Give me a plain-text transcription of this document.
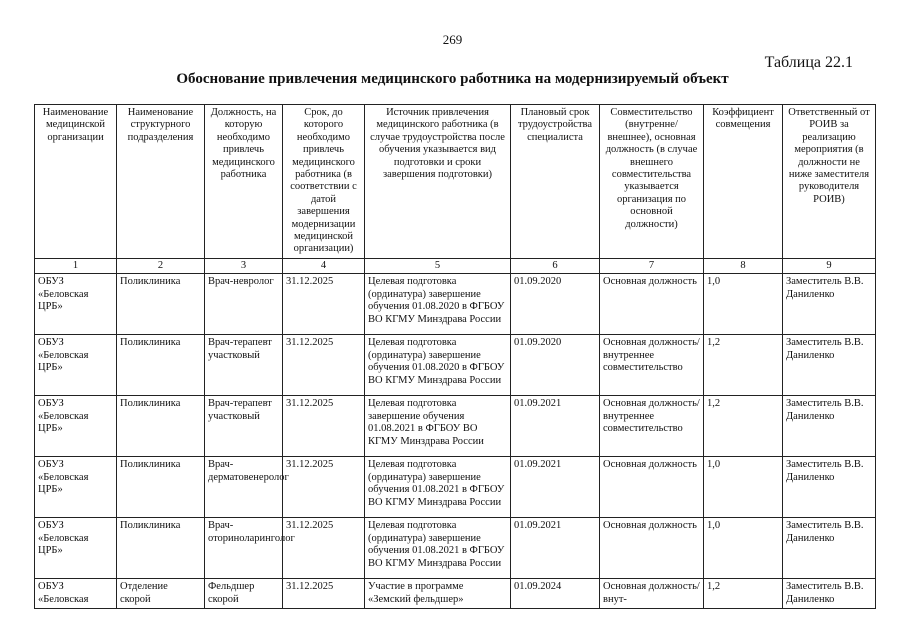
269
Таблица 22.1
Обоснование привлечения медицинского работника на модернизируемый объект
Наименование медицинской организации	Наименование структурного подразделения	Должность, на которую необходимо привлечь медицинского работника	Срок, до которого необходимо привлечь медицинского работника (в соответствии с датой завершения модернизации медицинской организации)	Источник привлечения медицинского работника (в случае трудоустройства после обучения указывается вид подготовки и сроки завершения подготовки)	Плановый срок трудоустройства специалиста	Совместительство (внутренне/внешнее), основная должность (в случае внешнего совместительства указывается организация по основной должности)	Коэффициент совмещения	Ответственный от РОИВ за реализацию мероприятия (в должности не ниже заместителя руководителя РОИВ)
1	2	3	4	5	6	7	8	9
ОБУЗ «Беловская ЦРБ»	Поликлиника	Врач-невролог	31.12.2025	Целевая подготовка (ординатура) завершение обучения 01.08.2020 в ФГБОУ ВО КГМУ Минздрава России	01.09.2020	Основная должность	1,0	Заместитель В.В. Даниленко
ОБУЗ «Беловская ЦРБ»	Поликлиника	Врач-терапевт участковый	31.12.2025	Целевая подготовка (ординатура) завершение обучения 01.08.2020 в ФГБОУ ВО КГМУ Минздрава России	01.09.2020	Основная должность/внутреннее совместительство	1,2	Заместитель В.В. Даниленко
ОБУЗ «Беловская ЦРБ»	Поликлиника	Врач-терапевт участковый	31.12.2025	Целевая подготовка завершение обучения 01.08.2021 в ФГБОУ ВО КГМУ Минздрава России	01.09.2021	Основная должность/внутреннее совместительство	1,2	Заместитель В.В. Даниленко
ОБУЗ «Беловская ЦРБ»	Поликлиника	Врач-дерматовенеролог	31.12.2025	Целевая подготовка (ординатура) завершение обучения 01.08.2021 в ФГБОУ ВО КГМУ Минздрава России	01.09.2021	Основная должность	1,0	Заместитель В.В. Даниленко
ОБУЗ «Беловская ЦРБ»	Поликлиника	Врач-оториноларинголог	31.12.2025	Целевая подготовка (ординатура) завершение обучения 01.08.2021 в ФГБОУ ВО КГМУ Минздрава России	01.09.2021	Основная должность	1,0	Заместитель В.В. Даниленко
ОБУЗ «Беловская	Отделение скорой	Фельдшер скорой	31.12.2025	Участие в программе «Земский фельдшер»	01.09.2024	Основная должность/внут-	1,2	Заместитель В.В. Даниленко
